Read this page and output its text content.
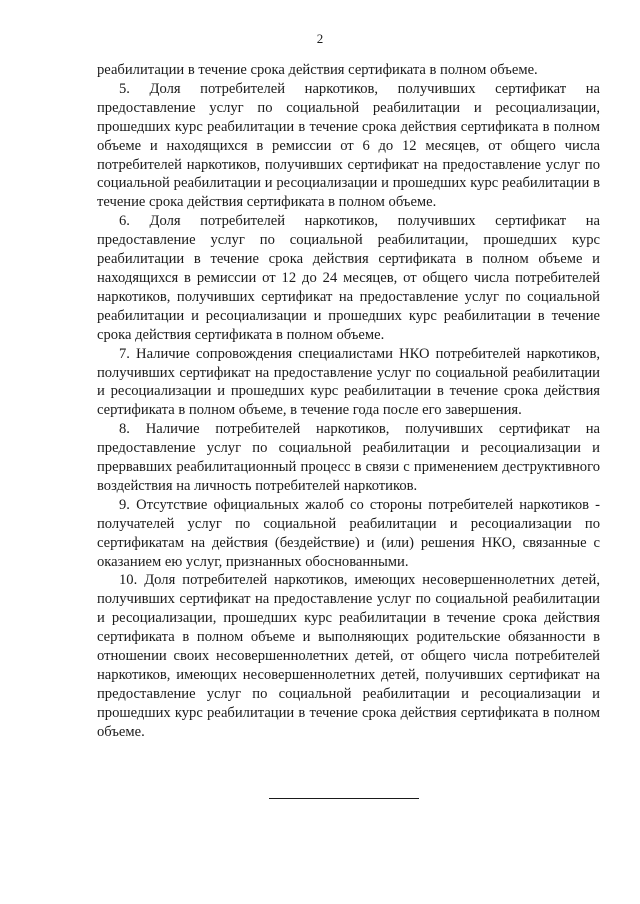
2

реабилитации в течение срока действия сертификата в полном объеме.

5. Доля потребителей наркотиков, получивших сертификат на предоставление услуг по социальной реабилитации и ресоциализации, прошедших курс реабилитации в течение срока действия сертификата в полном объеме и находящихся в ремиссии от 6 до 12 месяцев, от общего числа потребителей наркотиков, получивших сертификат на предоставление услуг по социальной реабилитации и ресоциализации и прошедших курс реабилитации в течение срока действия сертификата в полном объеме.

6. Доля потребителей наркотиков, получивших сертификат на предоставление услуг по социальной реабилитации, прошедших курс реабилитации в течение срока действия сертификата в полном объеме и находящихся в ремиссии от 12 до 24 месяцев, от общего числа потребителей наркотиков, получивших сертификат на предоставление услуг по социальной реабилитации и ресоциализации и прошедших курс реабилитации в течение срока действия сертификата в полном объеме.

7. Наличие сопровождения специалистами НКО потребителей наркотиков, получивших сертификат на предоставление услуг по социальной реабилитации и ресоциализации и прошедших курс реабилитации в течение срока действия сертификата в полном объеме, в течение года после его завершения.

8. Наличие потребителей наркотиков, получивших сертификат на предоставление услуг по социальной реабилитации и ресоциализации и прервавших реабилитационный процесс в связи с применением деструктивного воздействия на личность потребителей наркотиков.

9. Отсутствие официальных жалоб со стороны потребителей наркотиков - получателей услуг по социальной реабилитации и ресоциализации по сертификатам на действия (бездействие) и (или) решения НКО, связанные с оказанием ею услуг, признанных обоснованными.

10. Доля потребителей наркотиков, имеющих несовершеннолетних детей, получивших сертификат на предоставление услуг по социальной реабилитации и ресоциализации, прошедших курс реабилитации в течение срока действия сертификата в полном объеме и выполняющих родительские обязанности в отношении своих несовершеннолетних детей, от общего числа потребителей наркотиков, имеющих несовершеннолетних детей, получивших сертификат на предоставление услуг по социальной реабилитации и ресоциализации и прошедших курс реабилитации в течение срока действия сертификата в полном объеме.
